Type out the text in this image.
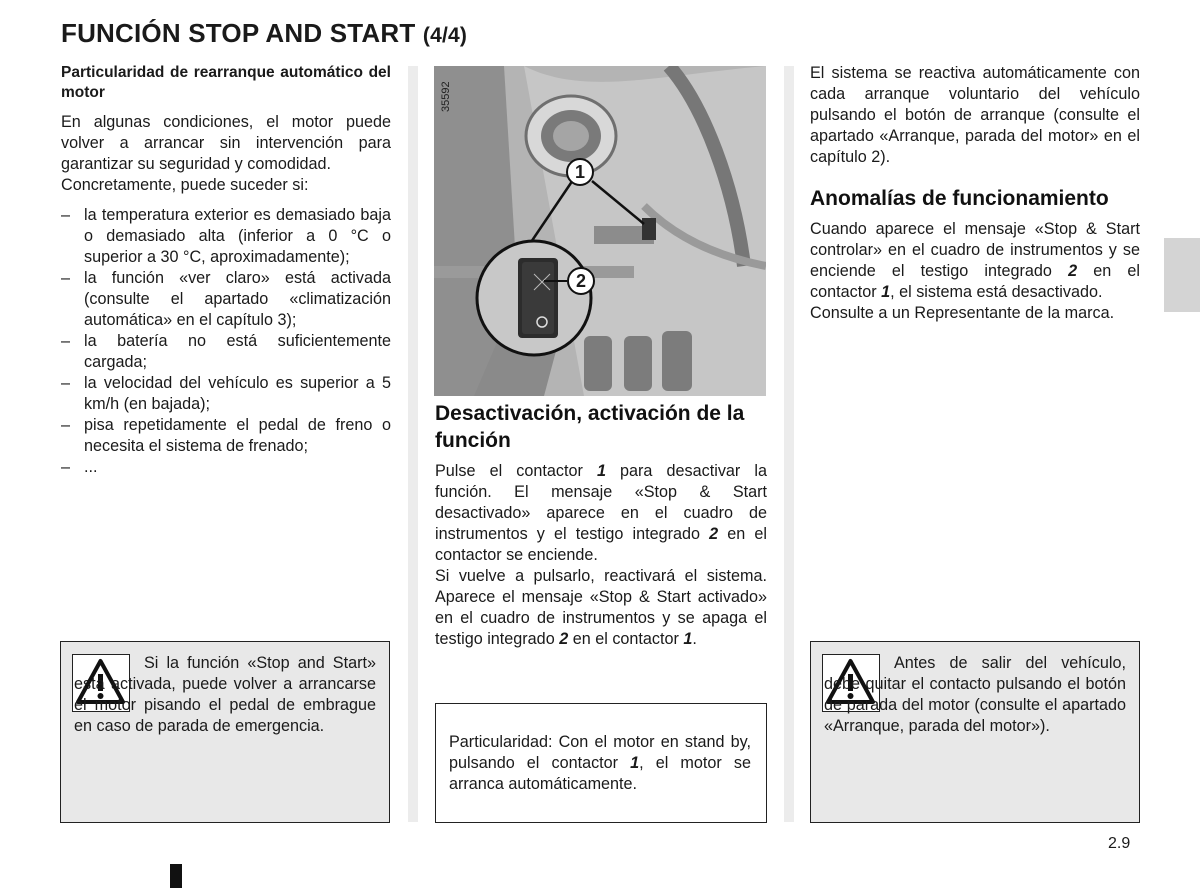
FUNCIÓN STOP AND START (4/4)

Particularidad de rearranque automático del motor

En algunas condiciones, el motor puede volver a arrancar sin intervención para garantizar su seguridad y comodidad.

Concretamente, puede suceder si:

– la temperatura exterior es demasiado baja o demasiado alta (inferior a 0 °C o superior a 30 °C, aproximadamente);
– la función «ver claro» está activada (consulte el apartado «climatización automática» en el capítulo 3);
– la batería no está suficientemente cargada;
– la velocidad del vehículo es superior a 5 km/h (en bajada);
– pisa repetidamente el pedal de freno o necesita el sistema de frenado;
– ...

Si la función «Stop and Start» está activada, puede volver a arrancarse el motor pisando el pedal de embrague en caso de parada de emergencia.

35592
1
2

Desactivación, activación de la función

Pulse el contactor 1 para desactivar la función. El mensaje «Stop & Start desactivado» aparece en el cuadro de instrumentos y el testigo integrado 2 en el contactor se enciende.

Si vuelve a pulsarlo, reactivará el sistema. Aparece el mensaje «Stop & Start activado» en el cuadro de instrumentos y se apaga el testigo integrado 2 en el contactor 1.

Particularidad: Con el motor en stand by, pulsando el contactor 1, el motor se arranca automáticamente.

El sistema se reactiva automáticamente con cada arranque voluntario del vehículo pulsando el botón de arranque (consulte el apartado «Arranque, parada del motor» en el capítulo 2).

Anomalías de funcionamiento

Cuando aparece el mensaje «Stop & Start controlar» en el cuadro de instrumentos y se enciende el testigo integrado 2 en el contactor 1, el sistema está desactivado.

Consulte a un Representante de la marca.

Antes de salir del vehículo, debe quitar el contacto pulsando el botón de parada del motor (consulte el apartado «Arranque, parada del motor»).

2.9
